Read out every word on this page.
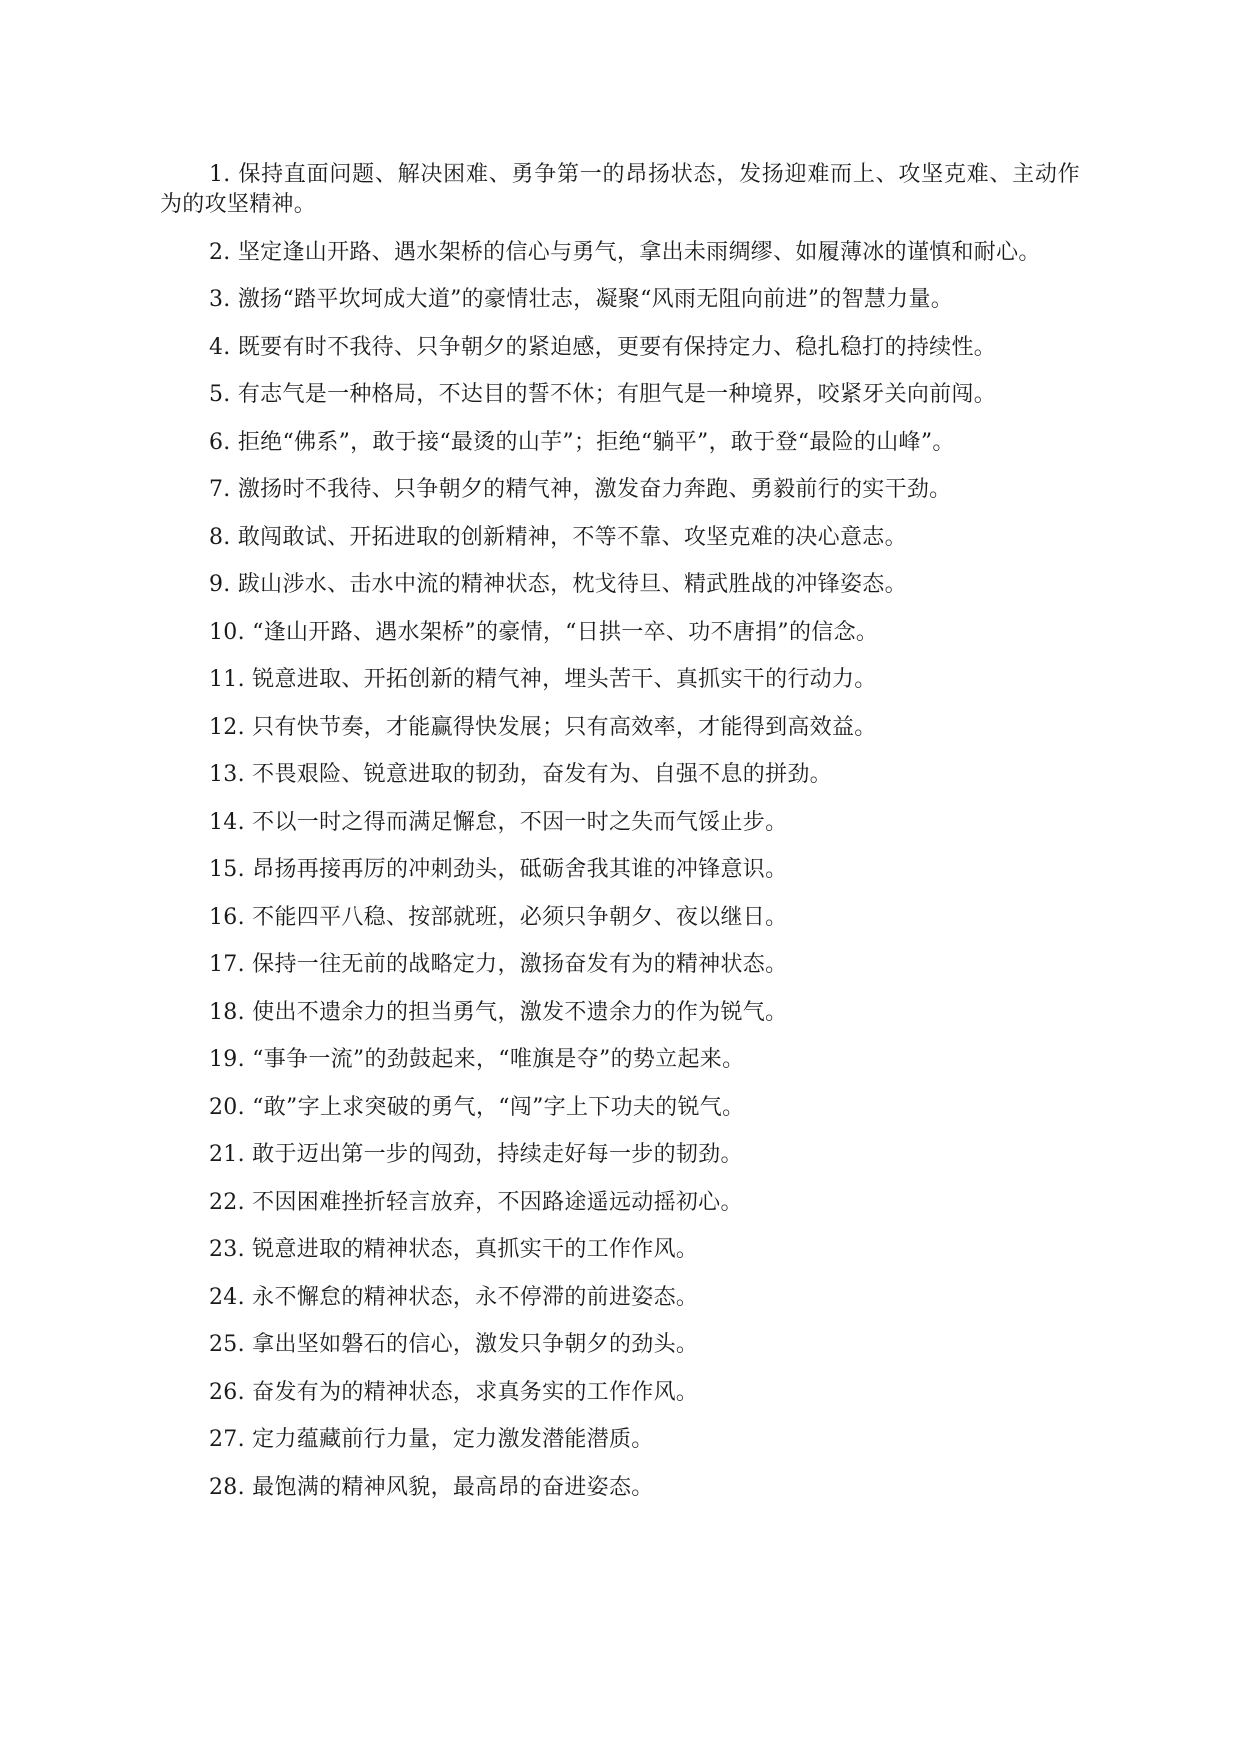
1. 保持直面问题、解决困难、勇争第一的昂扬状态，发扬迎难而上、攻坚克难、主动作为的攻坚精神。

2. 坚定逢山开路、遇水架桥的信心与勇气，拿出未雨绸缪、如履薄冰的谨慎和耐心。

3. 激扬“踏平坎坷成大道”的豪情壮志，凝聚“风雨无阻向前进”的智慧力量。

4. 既要有时不我待、只争朝夕的紧迫感，更要有保持定力、稳扎稳打的持续性。

5. 有志气是一种格局，不达目的誓不休；有胆气是一种境界，咬紧牙关向前闯。

6. 拒绝“佛系”，敢于接“最烫的山芋”；拒绝“躺平”，敢于登“最险的山峰”。

7. 激扬时不我待、只争朝夕的精气神，激发奋力奔跑、勇毅前行的实干劲。

8. 敢闯敢试、开拓进取的创新精神，不等不靠、攻坚克难的决心意志。

9. 跋山涉水、击水中流的精神状态，枕戈待旦、精武胜战的冲锋姿态。

10. “逢山开路、遇水架桥”的豪情，“日拱一卒、功不唐捐”的信念。

11. 锐意进取、开拓创新的精气神，埋头苦干、真抓实干的行动力。

12. 只有快节奏，才能赢得快发展；只有高效率，才能得到高效益。

13. 不畏艰险、锐意进取的韧劲，奋发有为、自强不息的拼劲。

14. 不以一时之得而满足懈怠，不因一时之失而气馁止步。

15. 昂扬再接再厉的冲刺劲头，砥砺舍我其谁的冲锋意识。

16. 不能四平八稳、按部就班，必须只争朝夕、夜以继日。

17. 保持一往无前的战略定力，激扬奋发有为的精神状态。

18. 使出不遗余力的担当勇气，激发不遗余力的作为锐气。

19. “事争一流”的劲鼓起来，“唯旗是夺”的势立起来。

20. “敢”字上求突破的勇气，“闯”字上下功夫的锐气。

21. 敢于迈出第一步的闯劲，持续走好每一步的韧劲。

22. 不因困难挫折轻言放弃，不因路途遥远动摇初心。

23. 锐意进取的精神状态，真抓实干的工作作风。

24. 永不懈怠的精神状态，永不停滞的前进姿态。

25. 拿出坚如磐石的信心，激发只争朝夕的劲头。

26. 奋发有为的精神状态，求真务实的工作作风。

27. 定力蕴藏前行力量，定力激发潜能潜质。

28. 最饱满的精神风貌，最高昂的奋进姿态。
